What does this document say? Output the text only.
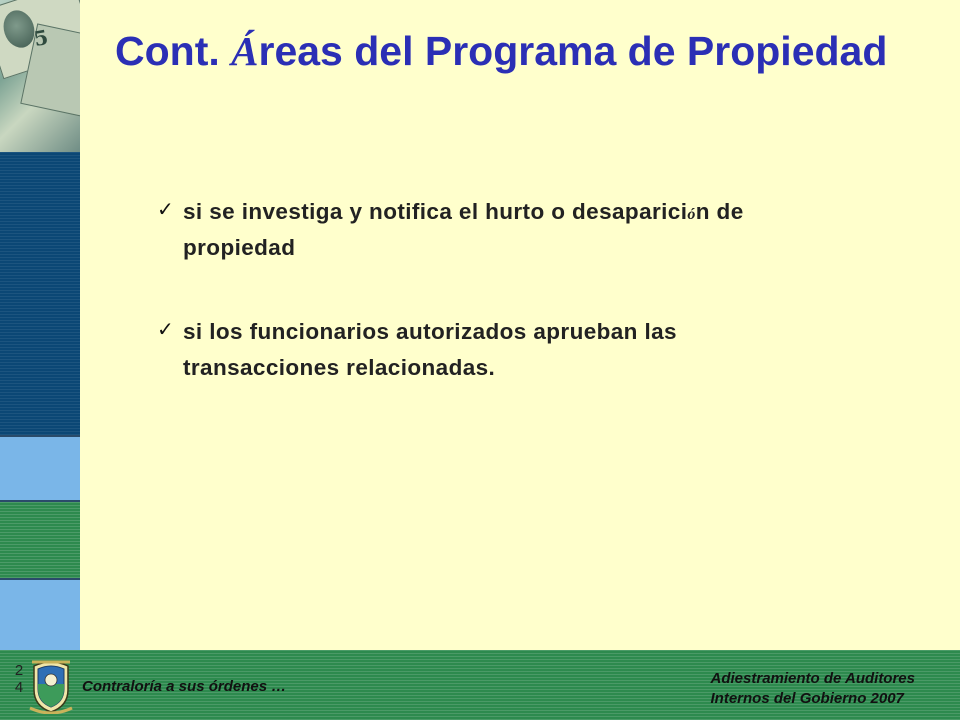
5 Cont. Áreas del Programa de Propiedad
✓ si se investiga y notifica el hurto o desaparición de
propiedad
✓ si los funcionarios autorizados aprueban las
transacciones relacionadas.
2
4	Contraloría a sus órdenes …	Adiestramiento de Auditores
Internos del Gobierno 2007
